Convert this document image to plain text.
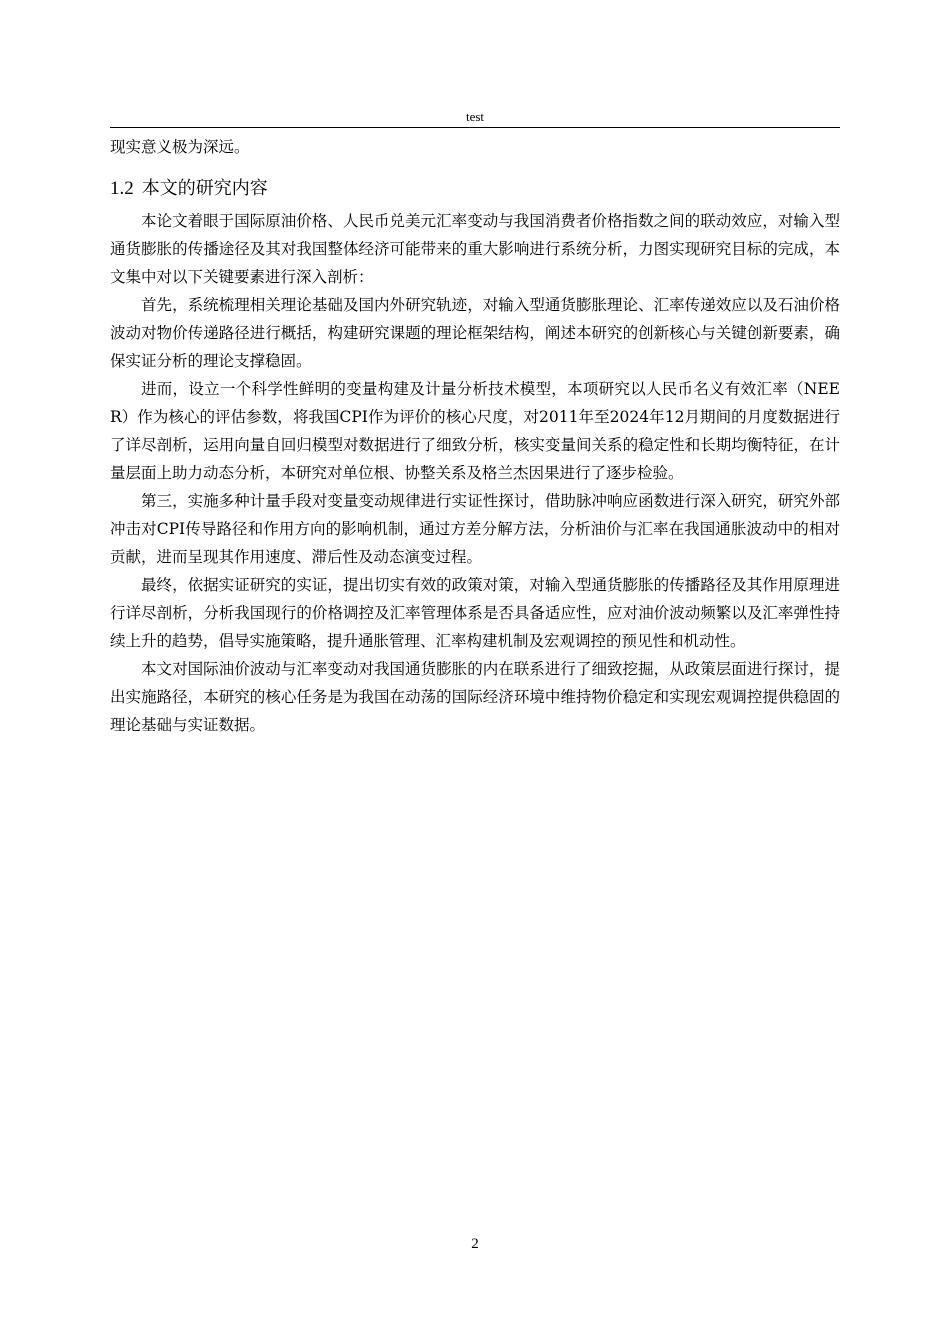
test

现实意义极为深远。

1.2 本文的研究内容

本论文着眼于国际原油价格、人民币兑美元汇率变动与我国消费者价格指数之间的联动效应，对输入型通货膨胀的传播途径及其对我国整体经济可能带来的重大影响进行系统分析，力图实现研究目标的完成，本文集中对以下关键要素进行深入剖析：

首先，系统梳理相关理论基础及国内外研究轨迹，对输入型通货膨胀理论、汇率传递效应以及石油价格波动对物价传递路径进行概括，构建研究课题的理论框架结构，阐述本研究的创新核心与关键创新要素，确保实证分析的理论支撑稳固。

进而，设立一个科学性鲜明的变量构建及计量分析技术模型，本项研究以人民币名义有效汇率（NEER）作为核心的评估参数，将我国CPI作为评价的核心尺度，对2011年至2024年12月期间的月度数据进行了详尽剖析，运用向量自回归模型对数据进行了细致分析，核实变量间关系的稳定性和长期均衡特征，在计量层面上助力动态分析，本研究对单位根、协整关系及格兰杰因果进行了逐步检验。

第三，实施多种计量手段对变量变动规律进行实证性探讨，借助脉冲响应函数进行深入研究，研究外部冲击对CPI传导路径和作用方向的影响机制，通过方差分解方法，分析油价与汇率在我国通胀波动中的相对贡献，进而呈现其作用速度、滞后性及动态演变过程。

最终，依据实证研究的实证，提出切实有效的政策对策，对输入型通货膨胀的传播路径及其作用原理进行详尽剖析，分析我国现行的价格调控及汇率管理体系是否具备适应性，应对油价波动频繁以及汇率弹性持续上升的趋势，倡导实施策略，提升通胀管理、汇率构建机制及宏观调控的预见性和机动性。

本文对国际油价波动与汇率变动对我国通货膨胀的内在联系进行了细致挖掘，从政策层面进行探讨，提出实施路径，本研究的核心任务是为我国在动荡的国际经济环境中维持物价稳定和实现宏观调控提供稳固的理论基础与实证数据。

2
